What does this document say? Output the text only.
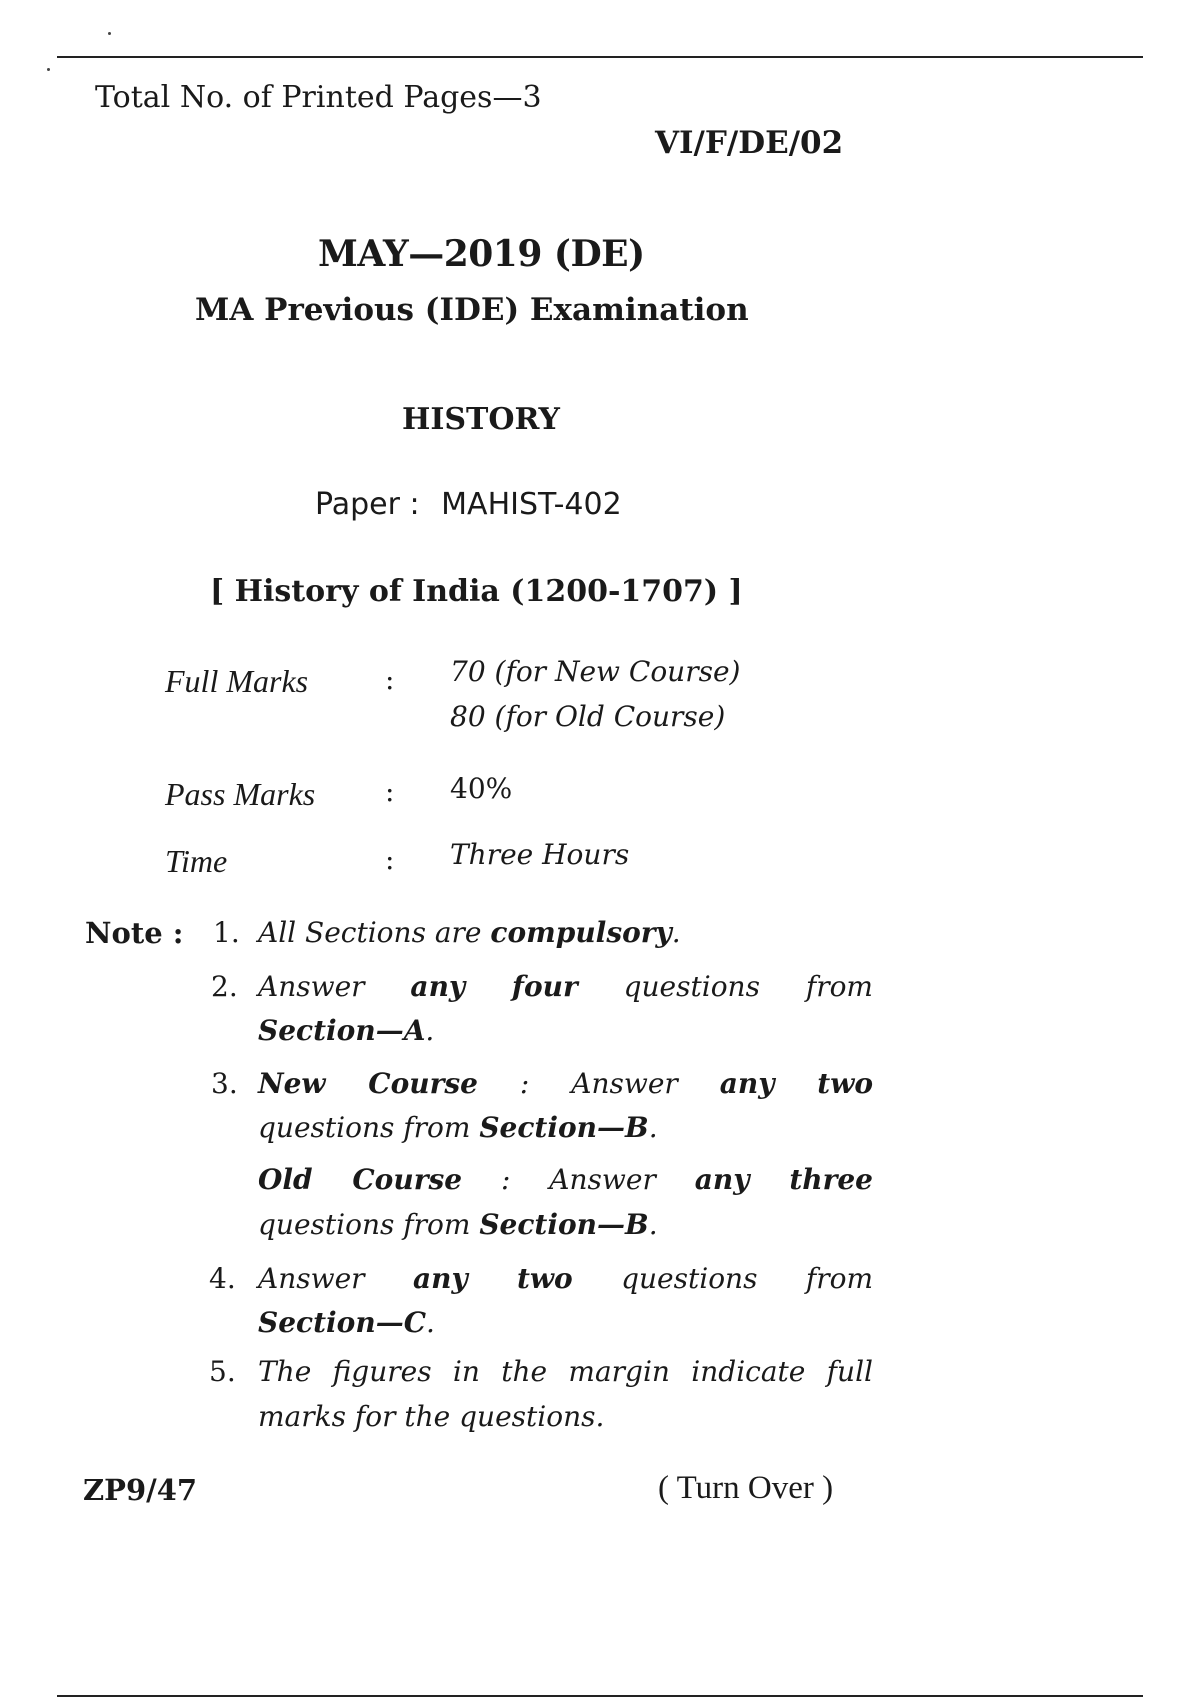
Total No. of Printed Pages—3
VI/F/DE/02
MAY—2019 (DE)
MA Previous (IDE) Examination
HISTORY
Paper : MAHIST-402
[ History of India (1200-1707) ]
Full Marks	: 70 (for New Course)
80 (for Old Course)
Pass Marks : 40%
Time	: Three Hours
Note : 1. All Sections are compulsory.
2. Answer any four questions from
Section—A.
3. New Course : Answer any two
questions from Section—B.
Old Course : Answer any three
questions from Section—B.
4. Answer any two questions from
Section—C.
5. The figures in the margin indicate full
marks for the questions.
ZP9/47	( Turn Over )
